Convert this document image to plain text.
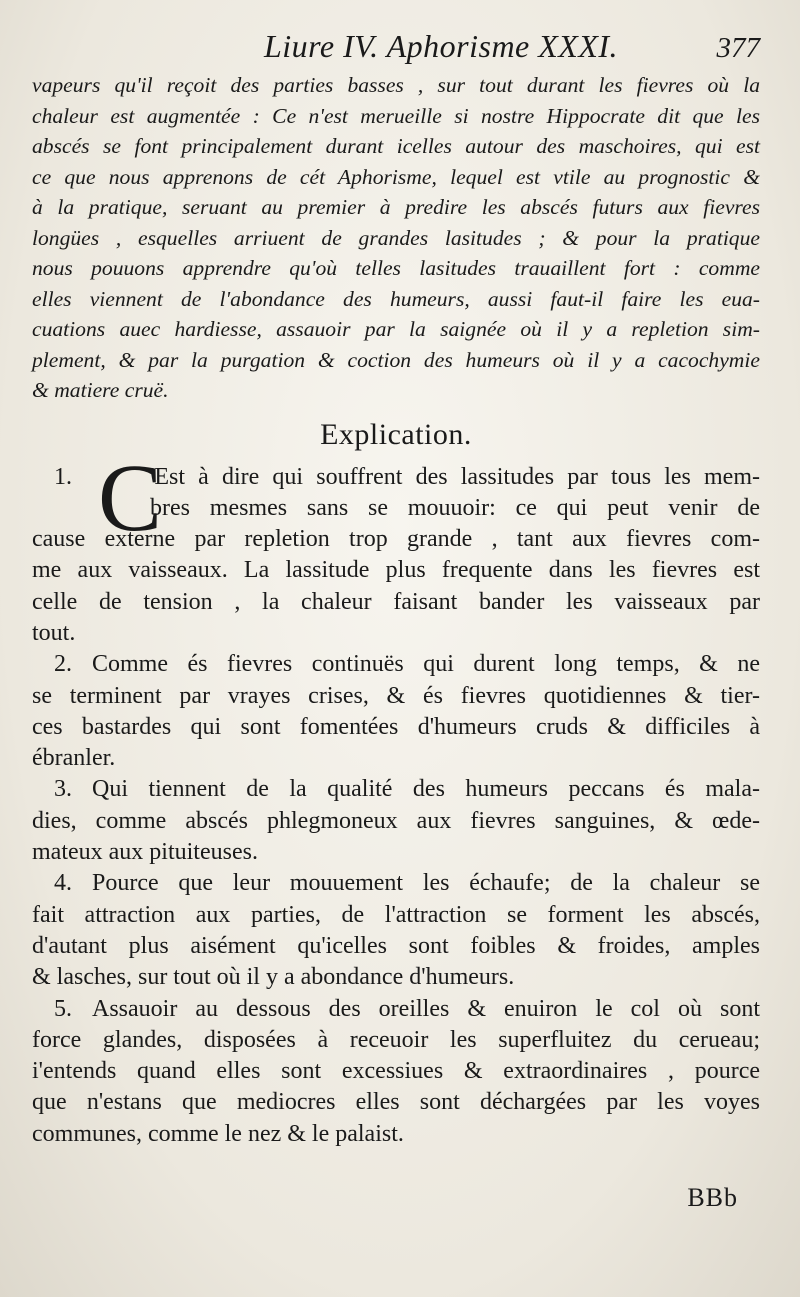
Liure IV. Aphorisme XXXI.	377
vapeurs qu'il reçoit des parties basses , sur tout durant les fievres où la
chaleur est augmentée : Ce n'est merueille si nostre Hippocrate dit que les
abscés se font principalement durant icelles autour des maschoires, qui est
ce que nous apprenons de cét Aphorisme, lequel est vtile au prognostic &
à la pratique, seruant au premier à predire les abscés futurs aux fievres
longües , esquelles arriuent de grandes lasitudes ; & pour la pratique
nous pouuons apprendre qu'où telles lasitudes trauaillent fort : comme
elles viennent de l'abondance des humeurs, aussi faut-il faire les eua-
cuations auec hardiesse, assauoir par la saignée où il y a repletion sim-
plement, & par la purgation & coction des humeurs où il y a cacochymie
& matiere cruë.
Explication.
C
1.	'Est à dire qui souffrent des lassitudes par tous les mem-
bres mesmes sans se mouuoir: ce qui peut venir de
cause externe par repletion trop grande , tant aux fievres com-
me aux vaisseaux. La lassitude plus frequente dans les fievres est
celle de tension , la chaleur faisant bander les vaisseaux par
tout.
2. Comme és fievres continuës qui durent long temps, & ne
se terminent par vrayes crises, & és fievres quotidiennes & tier-
ces bastardes qui sont fomentées d'humeurs cruds & difficiles à
ébranler.
3. Qui tiennent de la qualité des humeurs peccans és mala-
dies, comme abscés phlegmoneux aux fievres sanguines, & œde-
mateux aux pituiteuses.
4. Pource que leur mouuement les échaufe; de la chaleur se
fait attraction aux parties, de l'attraction se forment les abscés,
d'autant plus aisément qu'icelles sont foibles & froides, amples
& lasches, sur tout où il y a abondance d'humeurs.
5. Assauoir au dessous des oreilles & enuiron le col où sont
force glandes, disposées à receuoir les superfluitez du cerueau;
i'entends quand elles sont excessiues & extraordinaires , pource
que n'estans que mediocres elles sont déchargées par les voyes
communes, comme le nez & le palaist.
BBb
